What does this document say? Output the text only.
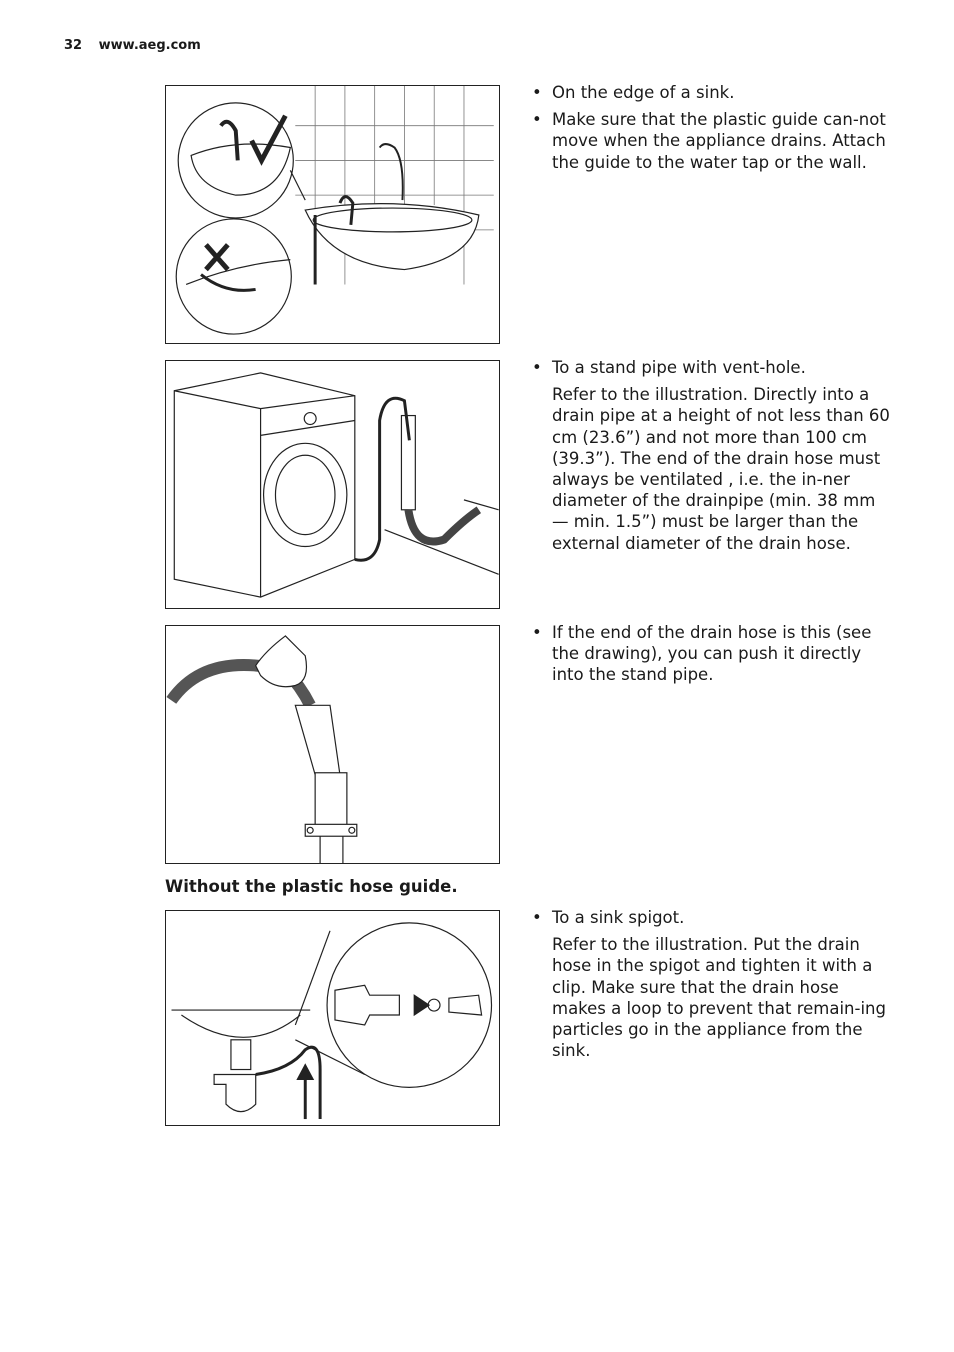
32 www.aeg.com
• On the edge of a sink.
• Make sure that the plastic guide can-not move when the appliance drains. Attach the guide to the water tap or the wall.
• To a stand pipe with vent-hole.

Refer to the illustration. Directly into a drain pipe at a height of not less than 60 cm (23.6”) and not more than 100 cm (39.3”). The end of the drain hose must always be ventilated , i.e. the in-ner diameter of the drainpipe (min. 38 mm — min. 1.5”) must be larger than the external diameter of the drain hose.

• If the end of the drain hose is this (see the drawing), you can push it directly into the stand pipe.
Without the plastic hose guide.
• To a sink spigot.

Refer to the illustration. Put the drain hose in the spigot and tighten it with a clip. Make sure that the drain hose makes a loop to prevent that remain-ing particles go in the appliance from the sink.
